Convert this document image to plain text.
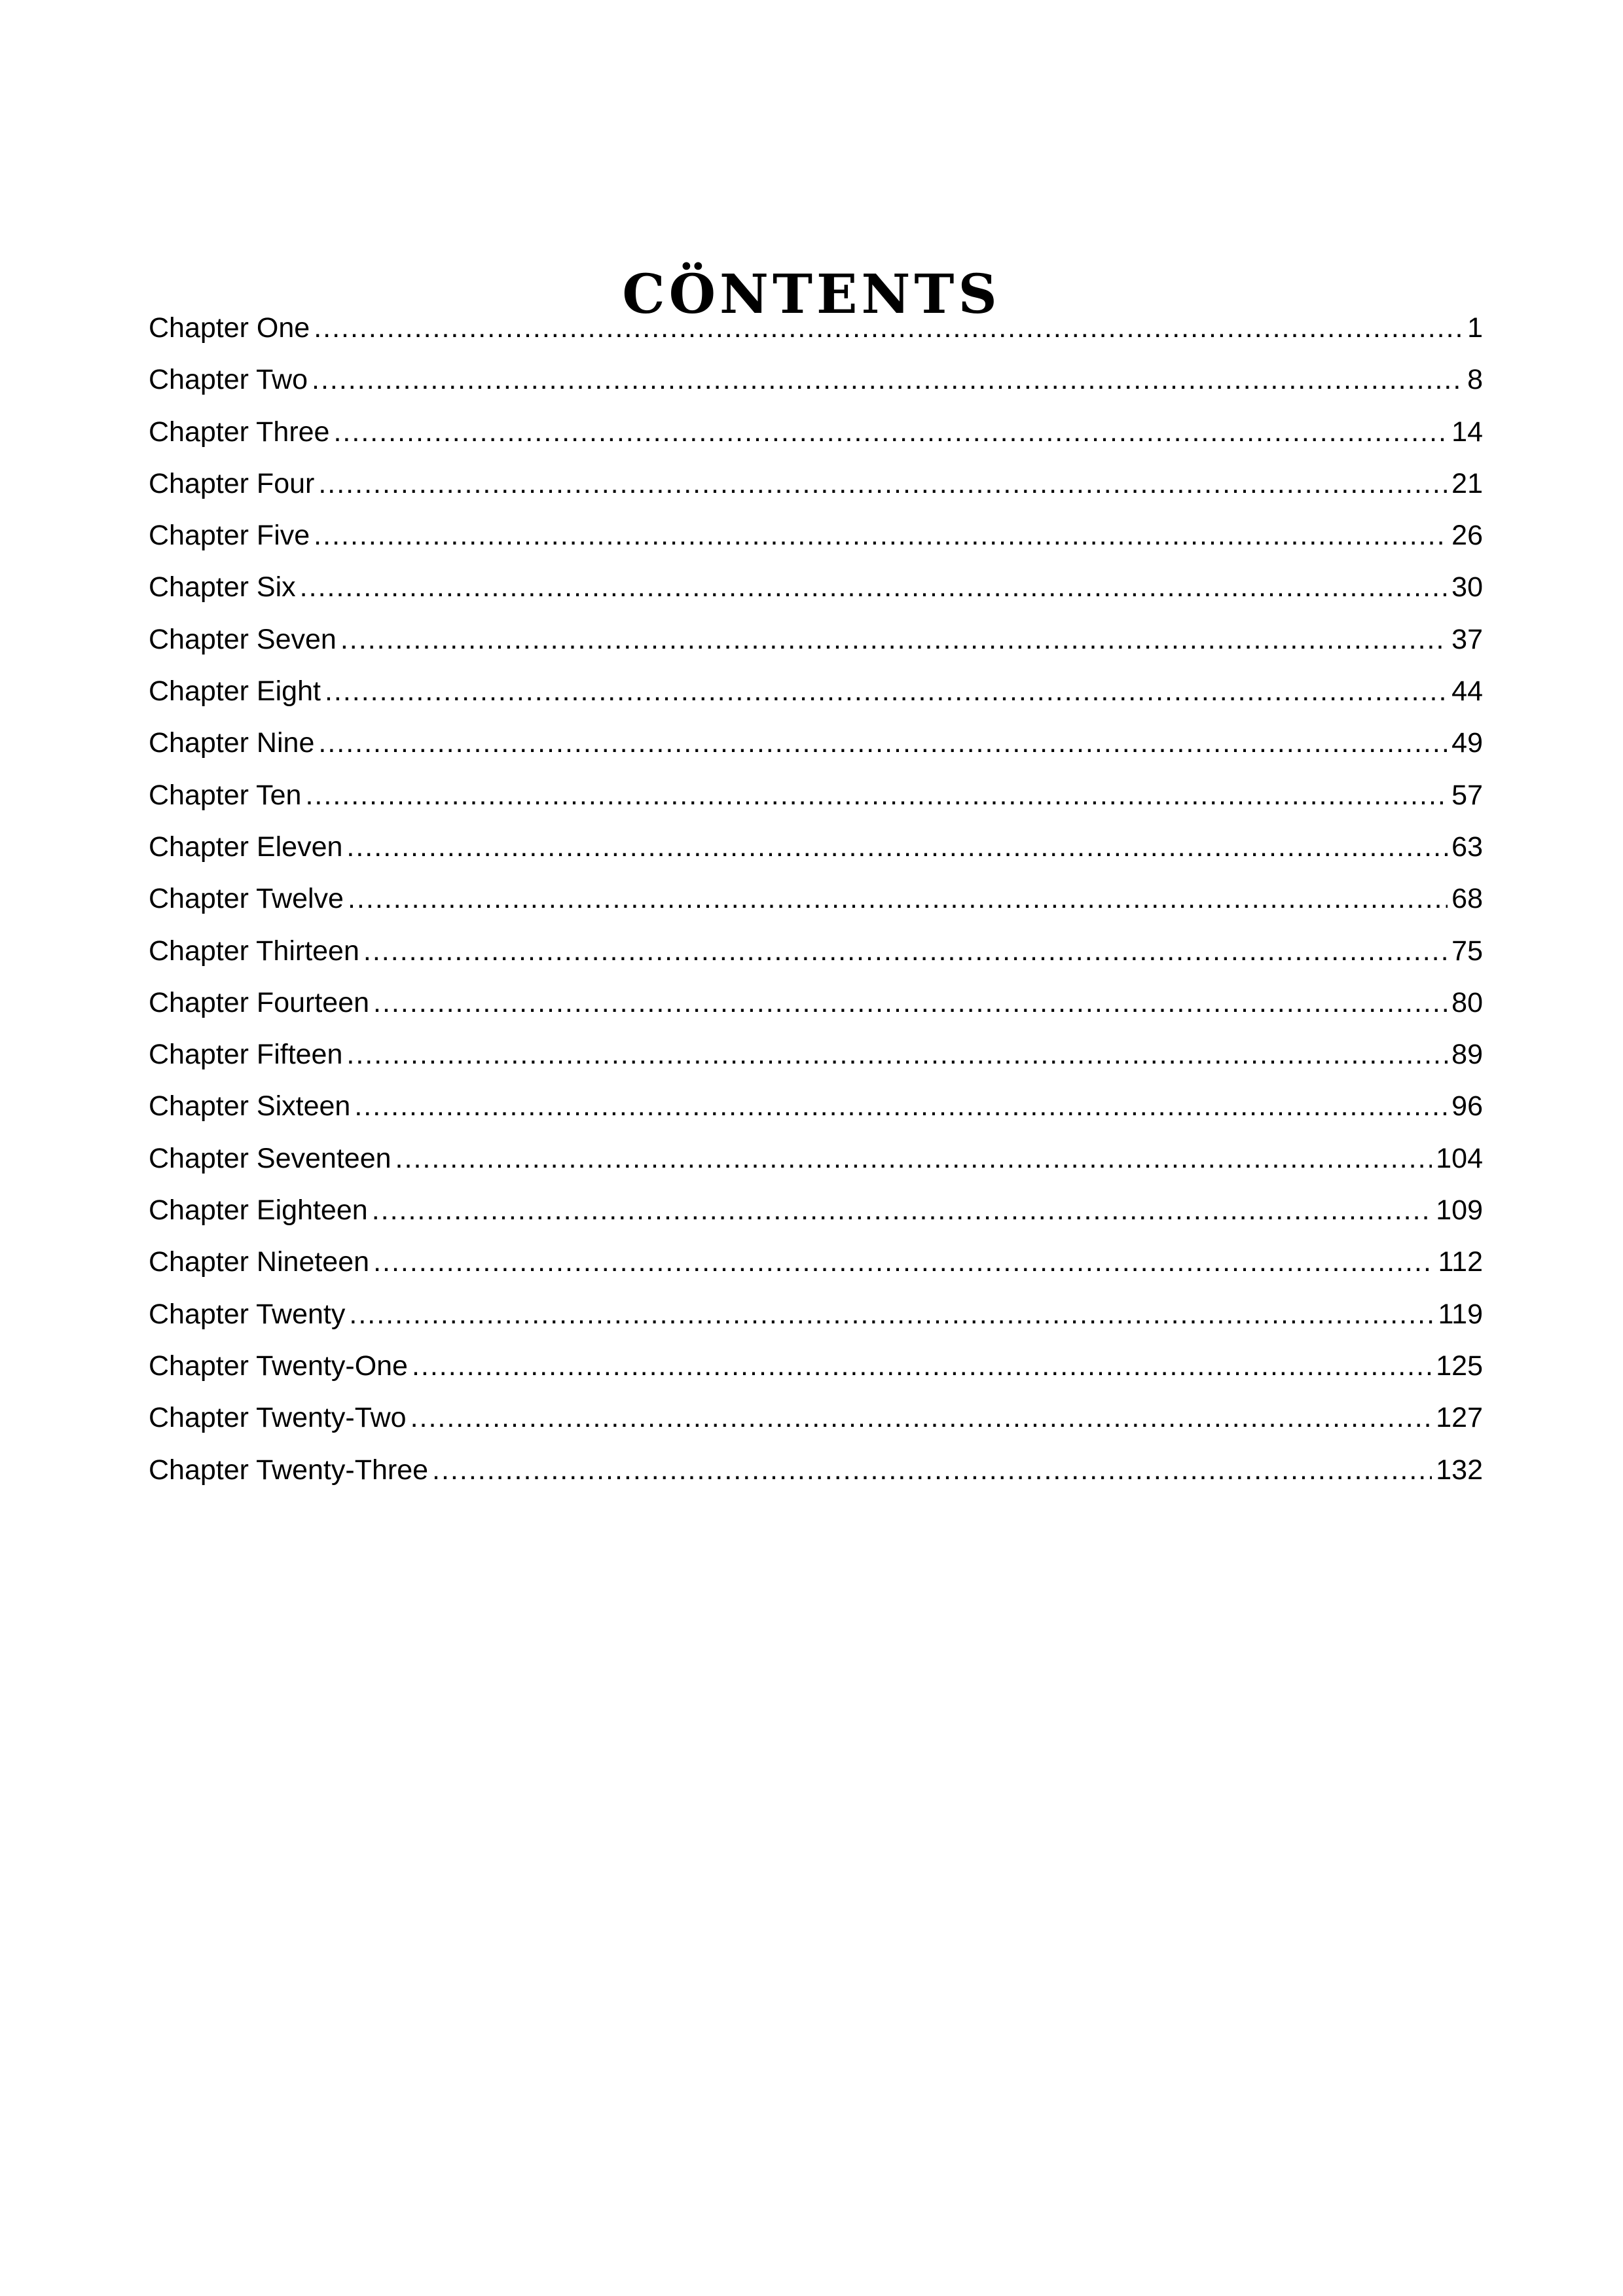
CÖNTENTS
Chapter One .....	1
Chapter Two .....	8
Chapter Three .....	14
Chapter Four .....	21
Chapter Five .....	26
Chapter Six .....	30
Chapter Seven .....	37
Chapter Eight .....	44
Chapter Nine .....	49
Chapter Ten .....	57
Chapter Eleven .....	63
Chapter Twelve .....	68
Chapter Thirteen .....	75
Chapter Fourteen .....	80
Chapter Fifteen .....	89
Chapter Sixteen .....	96
Chapter Seventeen .....	104
Chapter Eighteen .....	109
Chapter Nineteen .....	112
Chapter Twenty .....	119
Chapter Twenty-One .....	125
Chapter Twenty-Two .....	127
Chapter Twenty-Three .....	132
